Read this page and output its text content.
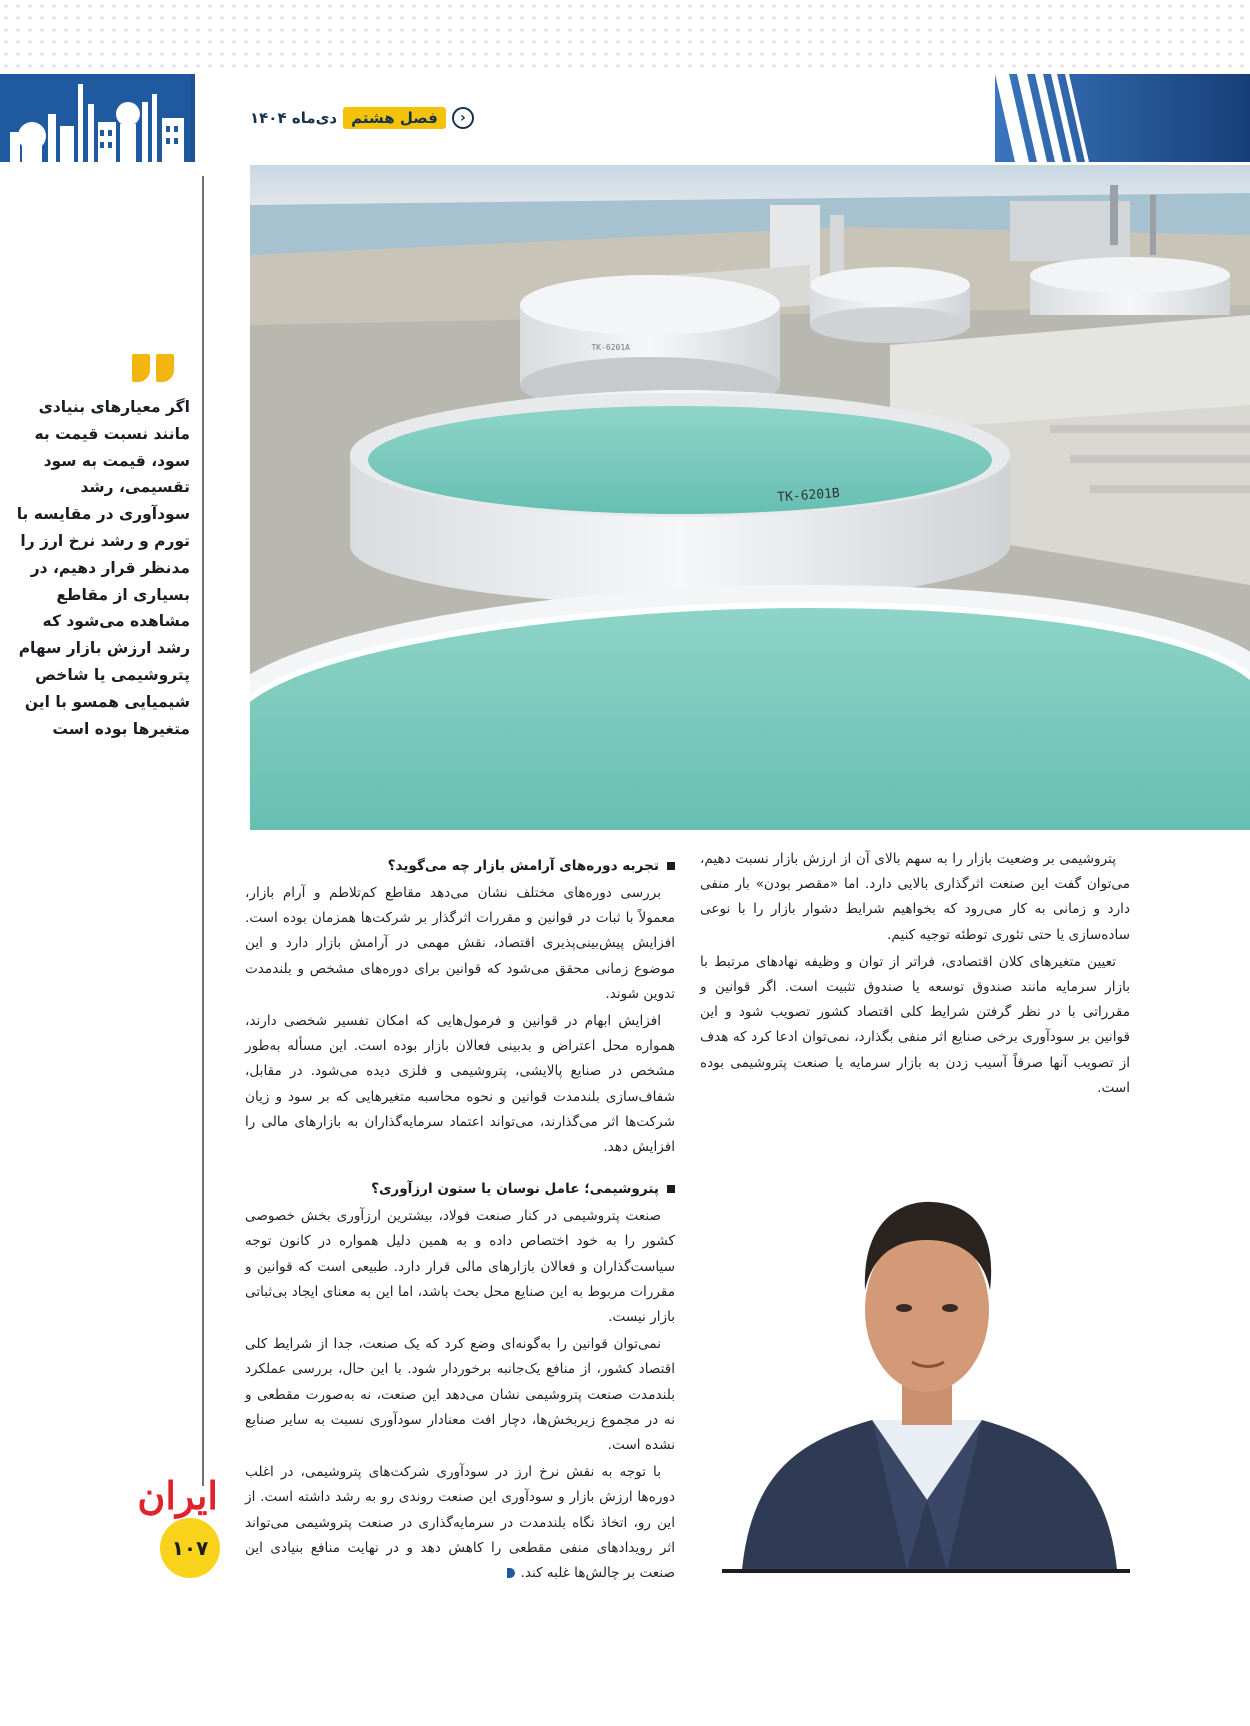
‹
فصل هشتم
دی‌ماه ۱۴۰۴
TK-6201B
TK-6201A
اگر معیارهای بنیادی مانند نسبت قیمت به سود، قیمت به سود تقسیمی، رشد سودآوری در مقایسه با تورم و رشد نرخ ارز را مدنظر قرار دهیم، در بسیاری از مقاطع مشاهده می‌شود که رشد ارزش بازار سهام پتروشیمی یا شاخص شیمیایی همسو با این متغیرها بوده است
ایران
۱۰۷

پتروشیمی بر وضعیت بازار را به سهم بالای آن از ارزش بازار نسبت دهیم، می‌توان گفت این صنعت اثرگذاری بالایی دارد. اما «مقصر بودن» بار منفی دارد و زمانی به کار می‌رود که بخواهیم شرایط دشوار بازار را با نوعی ساده‌سازی یا حتی تئوری توطئه توجیه کنیم.

تعیین متغیرهای کلان اقتصادی، فراتر از توان و وظیفه نهادهای مرتبط با بازار سرمایه مانند صندوق توسعه یا صندوق تثبیت است. اگر قوانین و مقرراتی با در نظر گرفتن شرایط کلی اقتصاد کشور تصویب شود و این قوانین بر سودآوری برخی صنایع اثر منفی بگذارد، نمی‌توان ادعا کرد که هدف از تصویب آنها صرفاً آسیب زدن به بازار سرمایه یا صنعت پتروشیمی بوده است.

تجربه دوره‌های آرامش بازار چه می‌گوید؟

بررسی دوره‌های مختلف نشان می‌دهد مقاطع کم‌تلاطم و آرام بازار، معمولاً با ثبات در قوانین و مقررات اثرگذار بر شرکت‌ها همزمان بوده است. افزایش پیش‌بینی‌پذیری اقتصاد، نقش مهمی در آرامش بازار دارد و این موضوع زمانی محقق می‌شود که قوانین برای دوره‌های مشخص و بلندمدت تدوین شوند.

افزایش ابهام در قوانین و فرمول‌هایی که امکان تفسیر شخصی دارند، همواره محل اعتراض و بدبینی فعالان بازار بوده است. این مسأله به‌طور مشخص در صنایع پالایشی، پتروشیمی و فلزی دیده می‌شود. در مقابل، شفاف‌سازی بلندمدت قوانین و نحوه محاسبه متغیرهایی که بر سود و زیان شرکت‌ها اثر می‌گذارند، می‌تواند اعتماد سرمایه‌گذاران به بازارهای مالی را افزایش دهد.

پتروشیمی؛ عامل نوسان یا ستون ارزآوری؟

صنعت پتروشیمی در کنار صنعت فولاد، بیشترین ارزآوری بخش خصوصی کشور را به خود اختصاص داده و به همین دلیل همواره در کانون توجه سیاست‌گذاران و فعالان بازارهای مالی قرار دارد. طبیعی است که قوانین و مقررات مربوط به این صنایع محل بحث باشد، اما این به معنای ایجاد بی‌ثباتی بازار نیست.

نمی‌توان قوانین را به‌گونه‌ای وضع کرد که یک صنعت، جدا از شرایط کلی اقتصاد کشور، از منافع یک‌جانبه برخوردار شود. با این حال، بررسی عملکرد بلندمدت صنعت پتروشیمی نشان می‌دهد این صنعت، نه به‌صورت مقطعی و نه در مجموع زیربخش‌ها، دچار افت معنادار سودآوری نسبت به سایر صنایع نشده است.

با توجه به نقش نرخ ارز در سودآوری شرکت‌های پتروشیمی، در اغلب دوره‌ها ارزش بازار و سودآوری این صنعت روندی رو به رشد داشته است. از این رو، اتخاذ نگاه بلندمدت در سرمایه‌گذاری در صنعت پتروشیمی می‌تواند اثر رویدادهای منفی مقطعی را کاهش دهد و در نهایت منافع بنیادی این صنعت بر چالش‌ها غلبه کند.
